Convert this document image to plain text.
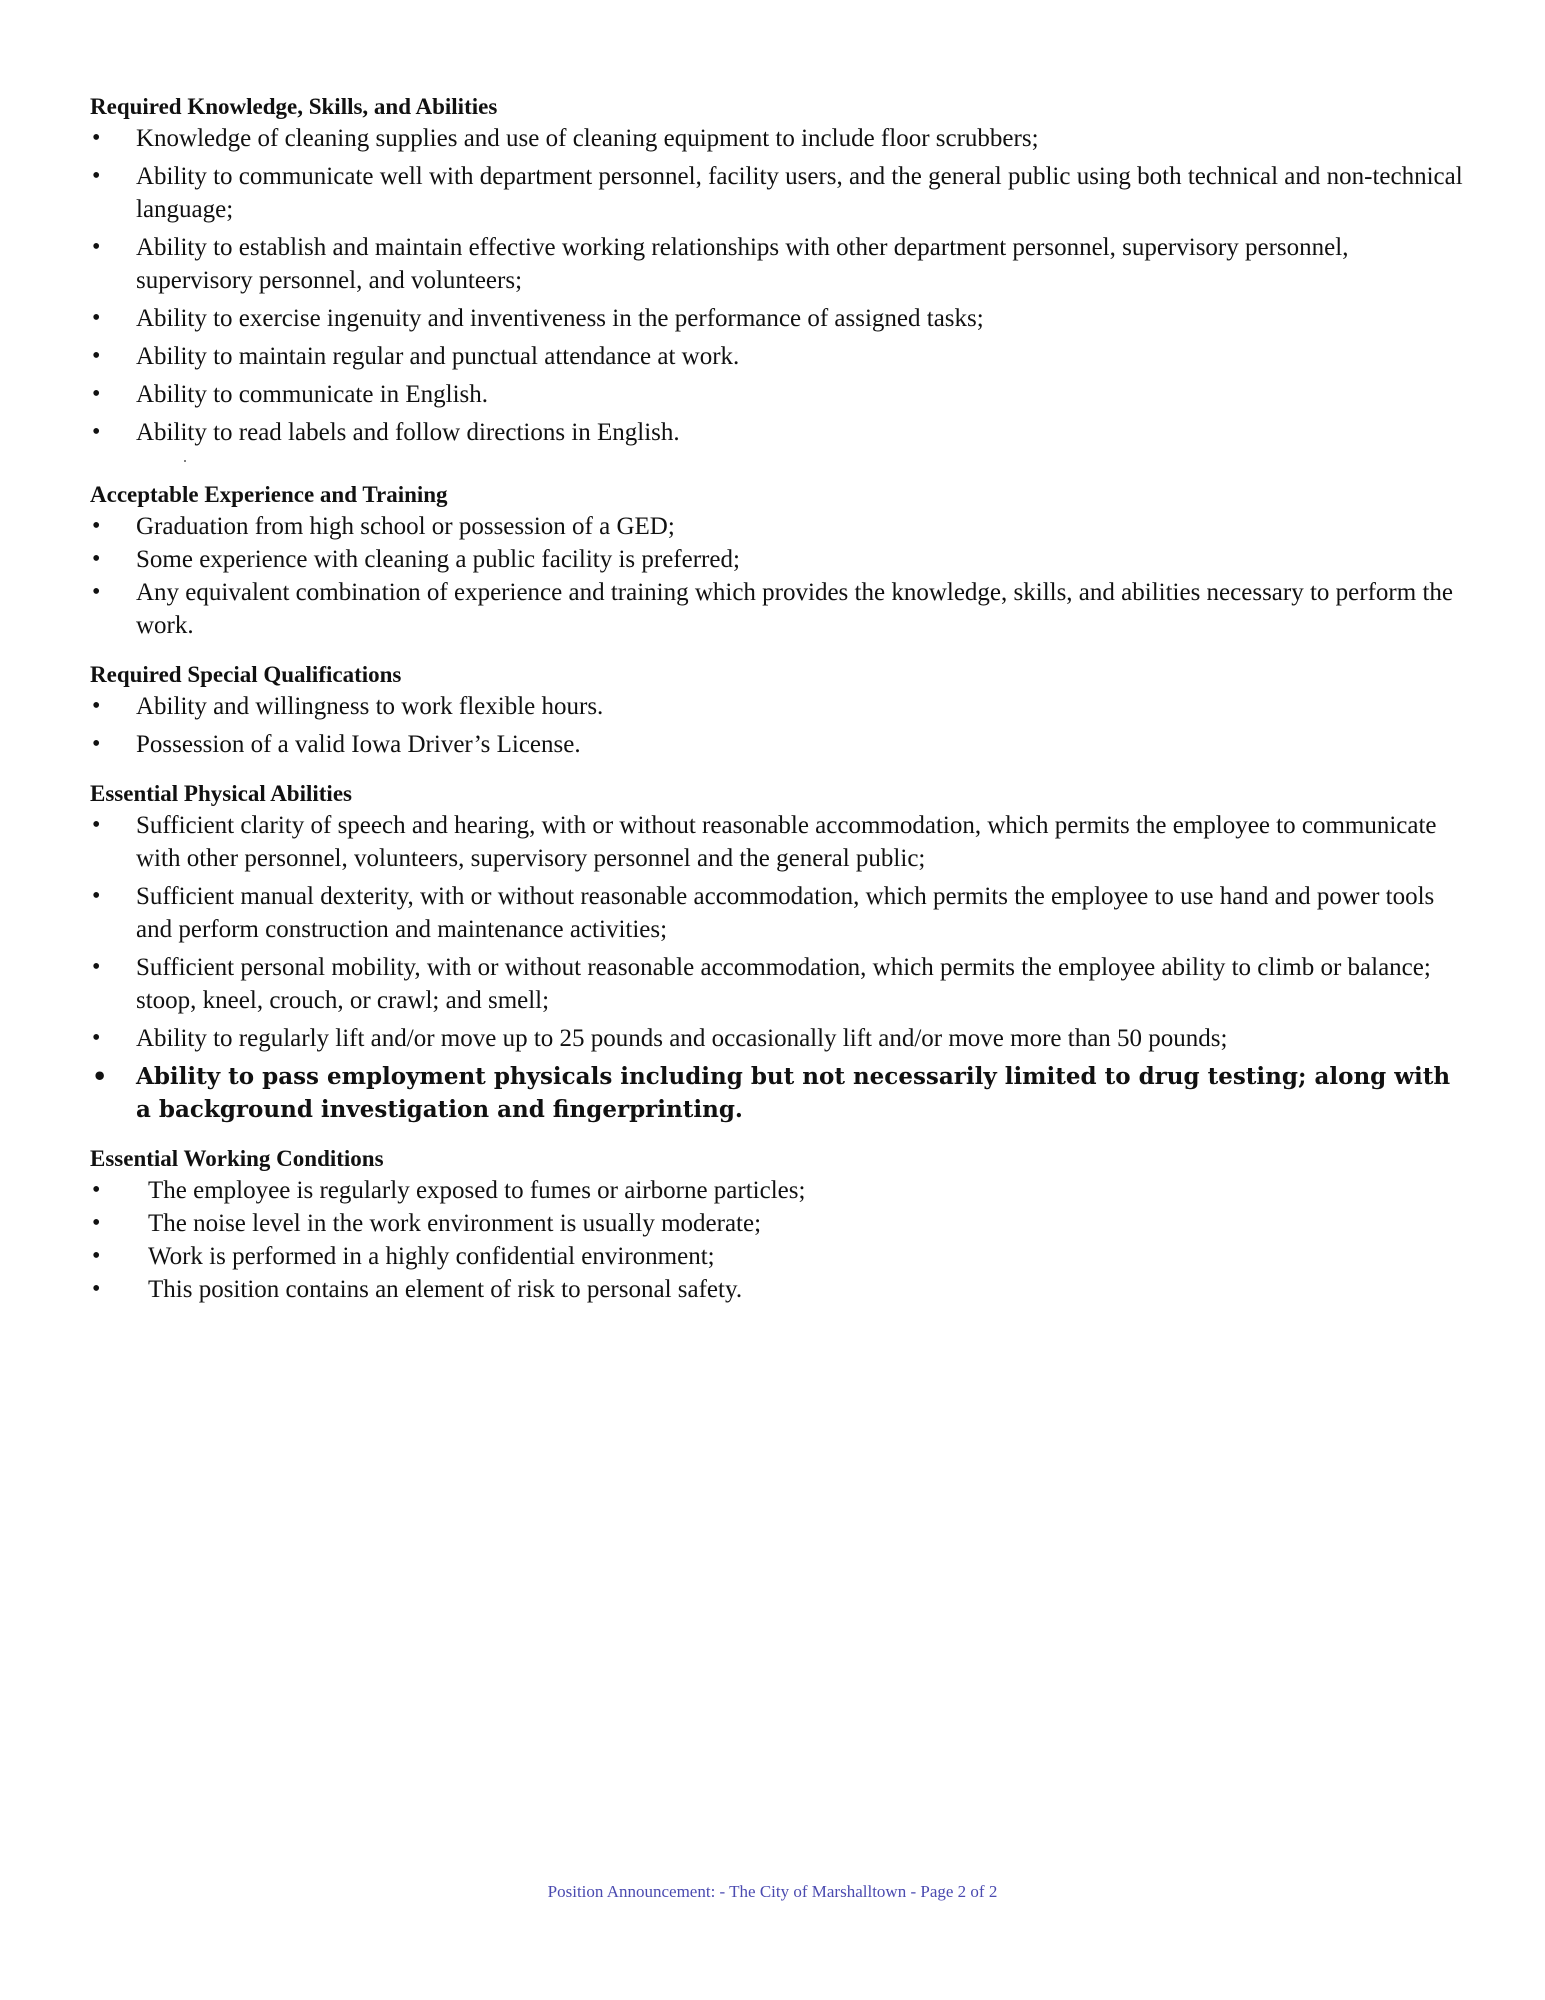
Required Knowledge, Skills, and Abilities

• Knowledge of cleaning supplies and use of cleaning equipment to include floor scrubbers;
• Ability to communicate well with department personnel, facility users, and the general public using both technical and non-technical language;
• Ability to establish and maintain effective working relationships with other department personnel, supervisory personnel, supervisory personnel, and volunteers;
• Ability to exercise ingenuity and inventiveness in the performance of assigned tasks;
• Ability to maintain regular and punctual attendance at work.
• Ability to communicate in English.
• Ability to read labels and follow directions in English.

Acceptable Experience and Training

• Graduation from high school or possession of a GED;
• Some experience with cleaning a public facility is preferred;
• Any equivalent combination of experience and training which provides the knowledge, skills, and abilities necessary to perform the work.

Required Special Qualifications

• Ability and willingness to work flexible hours.
• Possession of a valid Iowa Driver’s License.

Essential Physical Abilities

• Sufficient clarity of speech and hearing, with or without reasonable accommodation, which permits the employee to communicate with other personnel, volunteers, supervisory personnel and the general public;
• Sufficient manual dexterity, with or without reasonable accommodation, which permits the employee to use hand and power tools and perform construction and maintenance activities;
• Sufficient personal mobility, with or without reasonable accommodation, which permits the employee ability to climb or balance; stoop, kneel, crouch, or crawl; and smell;
• Ability to regularly lift and/or move up to 25 pounds and occasionally lift and/or move more than 50 pounds;
• Ability to pass employment physicals including but not necessarily limited to drug testing; along with a background investigation and fingerprinting.

Essential Working Conditions

• The employee is regularly exposed to fumes or airborne particles;
• The noise level in the work environment is usually moderate;
• Work is performed in a highly confidential environment;
• This position contains an element of risk to personal safety.
Position Announcement: - The City of Marshalltown - Page 2 of 2
